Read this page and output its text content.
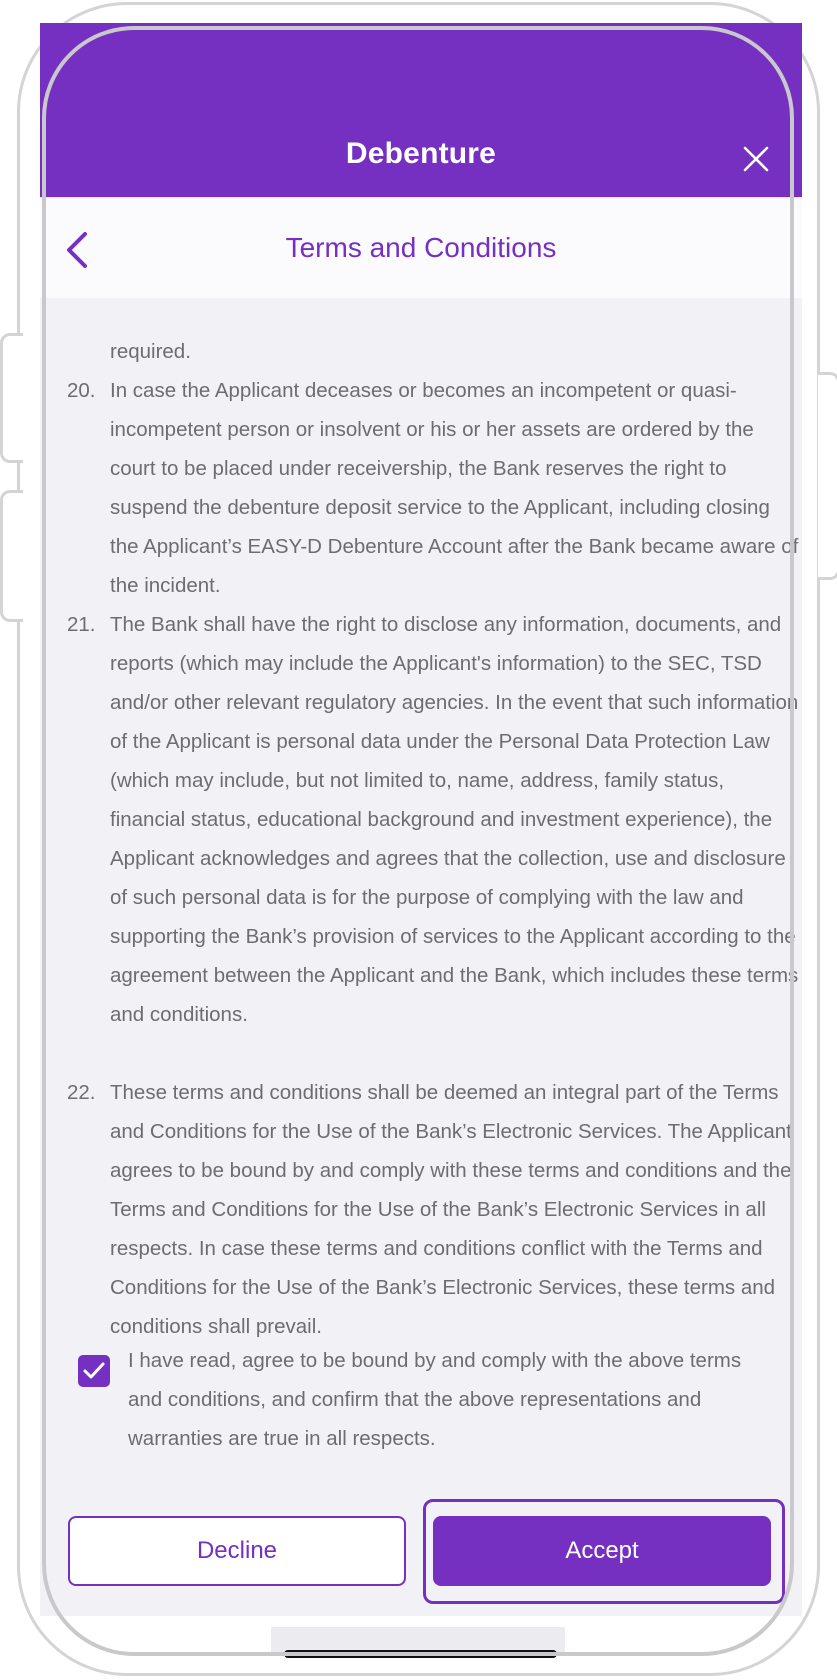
Debenture
Terms and Conditions

required.

20. In case the Applicant deceases or becomes an incompetent or quasi-incompetent person or insolvent or his or her assets are ordered by the court to be placed under receivership, the Bank reserves the right to suspend the debenture deposit service to the Applicant, including closing the Applicant’s EASY-D Debenture Account after the Bank became aware of the incident.

21. The Bank shall have the right to disclose any information, documents, and reports (which may include the Applicant's information) to the SEC, TSD and/or other relevant regulatory agencies. In the event that such information of the Applicant is personal data under the Personal Data Protection Law (which may include, but not limited to, name, address, family status, financial status, educational background and investment experience), the Applicant acknowledges and agrees that the collection, use and disclosure of such personal data is for the purpose of complying with the law and supporting the Bank’s provision of services to the Applicant according to the agreement between the Applicant and the Bank, which includes these terms and conditions.

22. These terms and conditions shall be deemed an integral part of the Terms and Conditions for the Use of the Bank’s Electronic Services. The Applicant agrees to be bound by and comply with these terms and conditions and the Terms and Conditions for the Use of the Bank’s Electronic Services in all respects. In case these terms and conditions conflict with the Terms and Conditions for the Use of the Bank’s Electronic Services, these terms and conditions shall prevail.

I have read, agree to be bound by and comply with the above terms and conditions, and confirm that the above representations and warranties are true in all respects.

Decline	Accept
